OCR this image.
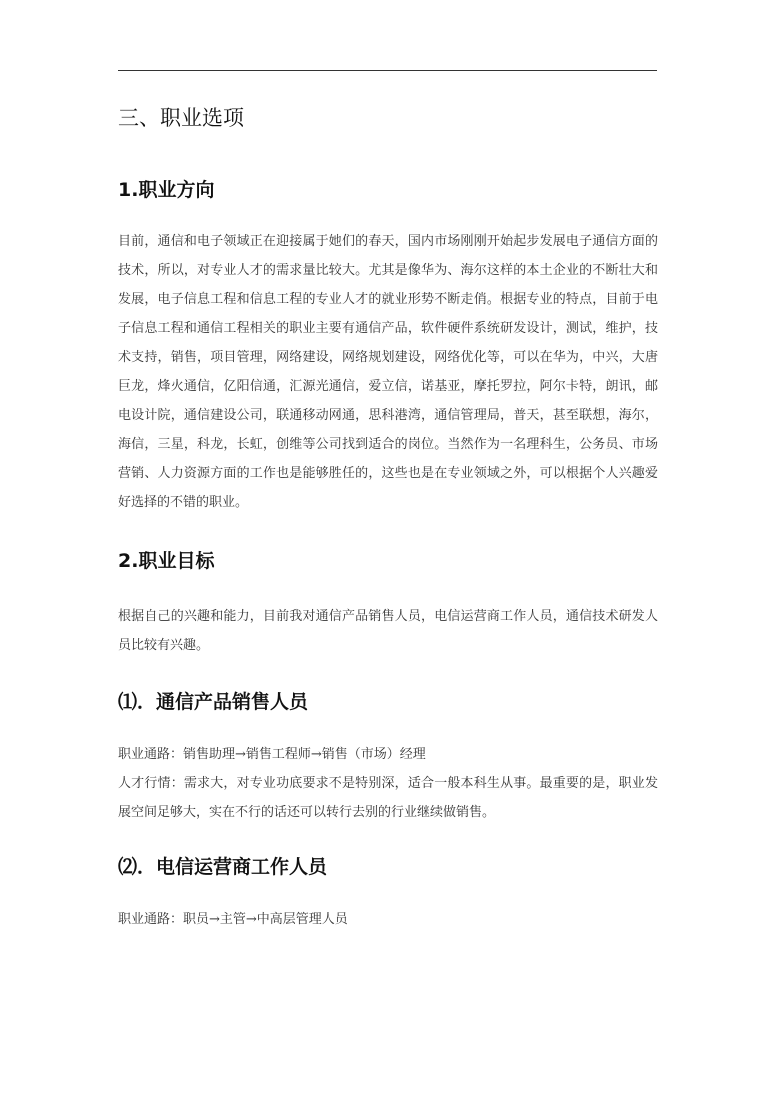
三、职业选项
1.职业方向

目前，通信和电子领域正在迎接属于她们的春天，国内市场刚刚开始起步发展电子通信方面的技术，所以，对专业人才的需求量比较大。尤其是像华为、海尔这样的本土企业的不断壮大和发展，电子信息工程和信息工程的专业人才的就业形势不断走俏。根据专业的特点，目前于电子信息工程和通信工程相关的职业主要有通信产品，软件硬件系统研发设计，测试，维护，技术支持，销售，项目管理，网络建设，网络规划建设，网络优化等，可以在华为，中兴，大唐巨龙，烽火通信，亿阳信通，汇源光通信，爱立信，诺基亚，摩托罗拉，阿尔卡特，朗讯，邮电设计院，通信建设公司，联通移动网通，思科港湾，通信管理局，普天，甚至联想，海尔，海信，三星，科龙，长虹，创维等公司找到适合的岗位。当然作为一名理科生，公务员、市场营销、人力资源方面的工作也是能够胜任的，这些也是在专业领域之外，可以根据个人兴趣爱好选择的不错的职业。

2.职业目标

根据自己的兴趣和能力，目前我对通信产品销售人员，电信运营商工作人员，通信技术研发人员比较有兴趣。

⑴．通信产品销售人员
职业通路：销售助理→销售工程师→销售（市场）经理
人才行情：需求大，对专业功底要求不是特别深，适合一般本科生从事。最重要的是，职业发展空间足够大，实在不行的话还可以转行去别的行业继续做销售。
⑵．电信运营商工作人员
职业通路：职员→主管→中高层管理人员
